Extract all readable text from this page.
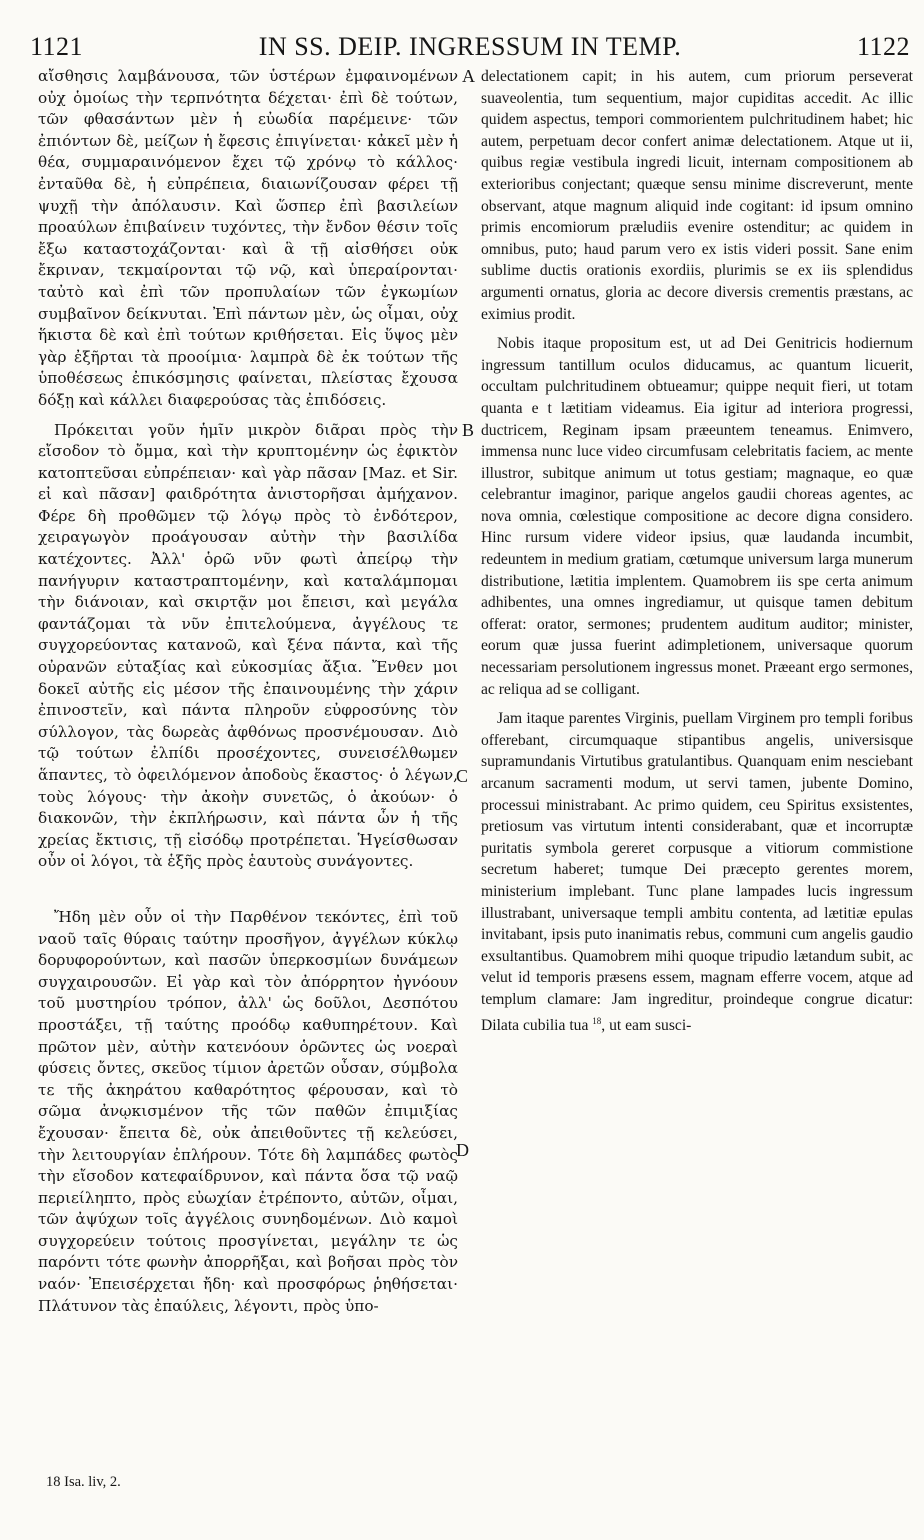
1121	IN SS. DEIP. INGRESSUM IN TEMP.	1122

αἴσθησις λαμβάνουσα, τῶν ὑστέρων ἐμφαινομένων οὐχ ὁμοίως τὴν τερπνότητα δέχεται· ἐπὶ δὲ τούτων, τῶν φθασάντων μὲν ἡ εὐωδία παρέμεινε· τῶν ἐπιόντων δὲ, μείζων ἡ ἔφεσις ἐπιγίνεται· κἀκεῖ μὲν ἡ θέα, συμμαραινόμενον ἔχει τῷ χρόνῳ τὸ κάλλος· ἐνταῦθα δὲ, ἡ εὐπρέπεια, διαιωνίζουσαν φέρει τῇ ψυχῇ τὴν ἀπόλαυσιν. Καὶ ὥσπερ ἐπὶ βασιλείων προαύλων ἐπιβαίνειν τυχόντες, τὴν ἔνδον θέσιν τοῖς ἔξω καταστοχάζονται· καὶ ἃ τῇ αἰσθήσει οὐκ ἔκριναν, τεκμαίρονται τῷ νῷ, καὶ ὑπεραίρονται· ταὐτὸ καὶ ἐπὶ τῶν προπυλαίων τῶν ἐγκωμίων συμβαῖνον δείκνυται. Ἐπὶ πάντων μὲν, ὡς οἶμαι, οὐχ ἥκιστα δὲ καὶ ἐπὶ τούτων κριθήσεται. Εἰς ὕψος μὲν γὰρ ἐξῆρται τὰ προοίμια· λαμπρὰ δὲ ἐκ τούτων τῆς ὑποθέσεως ἐπικόσμησις φαίνεται, πλείστας ἔχουσα δόξῃ καὶ κάλλει διαφερούσας τὰς ἐπιδόσεις.

Πρόκειται γοῦν ἡμῖν μικρὸν διᾶραι πρὸς τὴν εἴσοδον τὸ ὄμμα, καὶ τὴν κρυπτομένην ὡς ἐφικτὸν κατοπτεῦσαι εὐπρέπειαν· καὶ γὰρ πᾶσαν [Maz. et Sir. εἰ καὶ πᾶσαν] φαιδρότητα ἀνιστορῆσαι ἀμήχανον. Φέρε δὴ προθῶμεν τῷ λόγῳ πρὸς τὸ ἐνδότερον, χειραγωγὸν προάγουσαν αὐτὴν τὴν βασιλίδα κατέχοντες. Ἀλλ' ὁρῶ νῦν φωτὶ ἀπείρῳ τὴν πανήγυριν καταστραπτομένην, καὶ καταλάμπομαι τὴν διάνοιαν, καὶ σκιρτᾷν μοι ἔπεισι, καὶ μεγάλα φαντάζομαι τὰ νῦν ἐπιτελούμενα, ἀγγέλους τε συγχορεύοντας κατανοῶ, καὶ ξένα πάντα, καὶ τῆς οὐρανῶν εὐταξίας καὶ εὐκοσμίας ἄξια. Ἔνθεν μοι δοκεῖ αὐτῆς εἰς μέσον τῆς ἐπαινουμένης τὴν χάριν ἐπινοστεῖν, καὶ πάντα πληροῦν εὐφροσύνης τὸν σύλλογον, τὰς δωρεὰς ἀφθόνως προσνέμουσαν. Διὸ τῷ τούτων ἐλπίδι προσέχοντες, συνεισέλθωμεν ἅπαντες, τὸ ὀφειλόμενον ἀποδοὺς ἕκαστος· ὁ λέγων, τοὺς λόγους· τὴν ἀκοὴν συνετῶς, ὁ ἀκούων· ὁ διακονῶν, τὴν ἐκπλήρωσιν, καὶ πάντα ὧν ἡ τῆς χρείας ἔκτισις, τῇ εἰσόδῳ προτρέπεται. Ἡγείσθωσαν οὖν οἱ λόγοι, τὰ ἑξῆς πρὸς ἑαυτοὺς συνάγοντες.

Ἤδη μὲν οὖν οἱ τὴν Παρθένον τεκόντες, ἐπὶ τοῦ ναοῦ ταῖς θύραις ταύτην προσῆγον, ἀγγέλων κύκλῳ δορυφορούντων, καὶ πασῶν ὑπερκοσμίων δυνάμεων συγχαιρουσῶν. Εἰ γὰρ καὶ τὸν ἀπόρρητον ἠγνόουν τοῦ μυστηρίου τρόπον, ἀλλ' ὡς δοῦλοι, Δεσπότου προστάξει, τῇ ταύτης προόδῳ καθυπηρέτουν. Καὶ πρῶτον μὲν, αὐτὴν κατενόουν ὁρῶντες ὡς νοεραὶ φύσεις ὄντες, σκεῦος τίμιον ἀρετῶν οὖσαν, σύμβολα τε τῆς ἀκηράτου καθαρότητος φέρουσαν, καὶ τὸ σῶμα ἀνῳκισμένον τῆς τῶν παθῶν ἐπιμιξίας ἔχουσαν· ἔπειτα δὲ, οὐκ ἀπειθοῦντες τῇ κελεύσει, τὴν λειτουργίαν ἐπλήρουν. Τότε δὴ λαμπάδες φωτὸς τὴν εἴσοδον κατεφαίδρυνον, καὶ πάντα ὅσα τῷ ναῷ περιείληπτο, πρὸς εὐωχίαν ἐτρέποντο, αὐτῶν, οἶμαι, τῶν ἀψύχων τοῖς ἀγγέλοις συνηδομένων. Διὸ καμοὶ συγχορεύειν τούτοις προσγίνεται, μεγάλην τε ὡς παρόντι τότε φωνὴν ἀπορρῆξαι, καὶ βοῆσαι πρὸς τὸν ναόν· Ἐπεισέρχεται ἤδη· καὶ προσφόρως ῥηθήσεται· Πλάτυνον τὰς ἐπαύλεις, λέγοντι, πρὸς ὑπο-

delectationem capit; in his autem, cum priorum perseverat suaveolentia, tum sequentium, major cupiditas accedit. Ac illic quidem aspectus, tempori commorientem pulchritudinem habet; hic autem, perpetuam decor confert animæ delectationem. Atque ut ii, quibus regiæ vestibula ingredi licuit, internam compositionem ab exterioribus conjectant; quæque sensu minime discreverunt, mente observant, atque magnum aliquid inde cogitant: id ipsum omnino primis encomiorum præludiis evenire ostenditur; ac quidem in omnibus, puto; haud parum vero ex istis videri possit. Sane enim sublime ductis orationis exordiis, plurimis se ex iis splendidus argumenti ornatus, gloria ac decore diversis crementis præstans, ac eximius prodit.

Nobis itaque propositum est, ut ad Dei Genitricis hodiernum ingressum tantillum oculos diducamus, ac quantum licuerit, occultam pulchritudinem obtueamur; quippe nequit fieri, ut totam quanta e t lætitiam videamus. Eia igitur ad interiora progressi, ductricem, Reginam ipsam præeuntem teneamus. Enimvero, immensa nunc luce video circumfusam celebritatis faciem, ac mente illustror, subitque animum ut totus gestiam; magnaque, eo quæ celebrantur imaginor, parique angelos gaudii choreas agentes, ac nova omnia, cœlestique compositione ac decore digna considero. Hinc rursum videre videor ipsius, quæ laudanda incumbit, redeuntem in medium gratiam, cœtumque universum larga munerum distributione, lætitia implentem. Quamobrem iis spe certa animum adhibentes, una omnes ingrediamur, ut quisque tamen debitum offerat: orator, sermones; prudentem auditum auditor; minister, eorum quæ jussa fuerint adimpletionem, universaque quorum necessariam persolutionem ingressus monet. Præeant ergo sermones, ac reliqua ad se colligant.

Jam itaque parentes Virginis, puellam Virginem pro templi foribus offerebant, circumquaque stipantibus angelis, universisque supramundanis Virtutibus gratulantibus. Quanquam enim nesciebant arcanum sacramenti modum, ut servi tamen, jubente Domino, processui ministrabant. Ac primo quidem, ceu Spiritus exsistentes, pretiosum vas virtutum intenti considerabant, quæ et incorruptæ puritatis symbola gereret corpusque a vitiorum commistione secretum haberet; tumque Dei præcepto gerentes morem, ministerium implebant. Tunc plane lampades lucis ingressum illustrabant, universaque templi ambitu contenta, ad lætitiæ epulas invitabant, ipsis puto inanimatis rebus, communi cum angelis gaudio exsultantibus. Quamobrem mihi quoque tripudio lætandum subit, ac velut id temporis præsens essem, magnam efferre vocem, atque ad templum clamare: Jam ingreditur, proindeque congrue dicatur: Dilata cubilia tua $^{18}$, ut eam susci-

A
B
C
D
18 Isa. liv, 2.
